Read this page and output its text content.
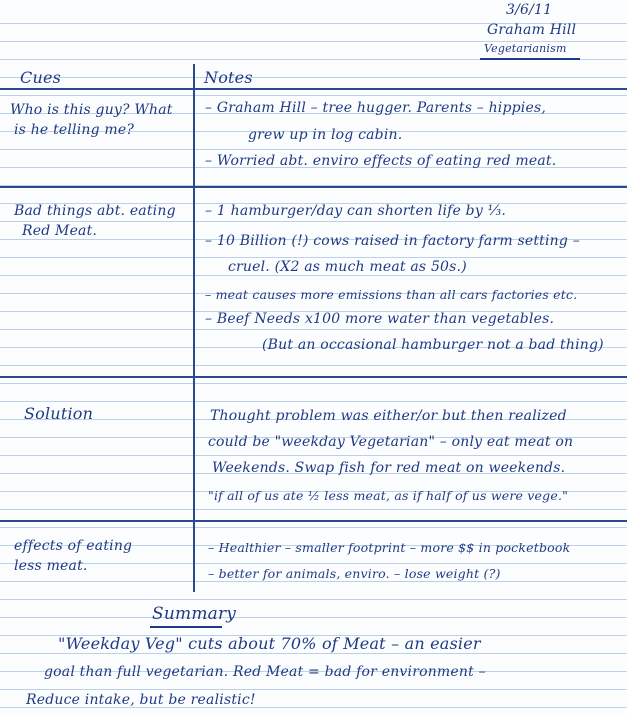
3/6/11
Graham Hill
Vegetarianism
Cues	Notes
Who is this guy? What
is he telling me?
– Graham Hill – tree hugger. Parents – hippies,
grew up in log cabin.
– Worried abt. enviro effects of eating red meat.
Bad things abt. eating
Red Meat.
– 1 hamburger/day can shorten life by ⅓.
– 10 Billion (!) cows raised in factory farm setting –
cruel. (X2 as much meat as 50s.)
– meat causes more emissions than all cars factories etc.
– Beef Needs x100 more water than vegetables.
(But an occasional hamburger not a bad thing)
Solution	Thought problem was either/or but then realized
could be "weekday Vegetarian" – only eat meat on
Weekends. Swap fish for red meat on weekends.
"if all of us ate ½ less meat, as if half of us were vege."
effects of eating
less meat.
– Healthier – smaller footprint – more $$ in pocketbook
– better for animals, enviro. – lose weight (?)
Summary
"Weekday Veg" cuts about 70% of Meat – an easier
goal than full vegetarian. Red Meat = bad for environment –
Reduce intake, but be realistic!
